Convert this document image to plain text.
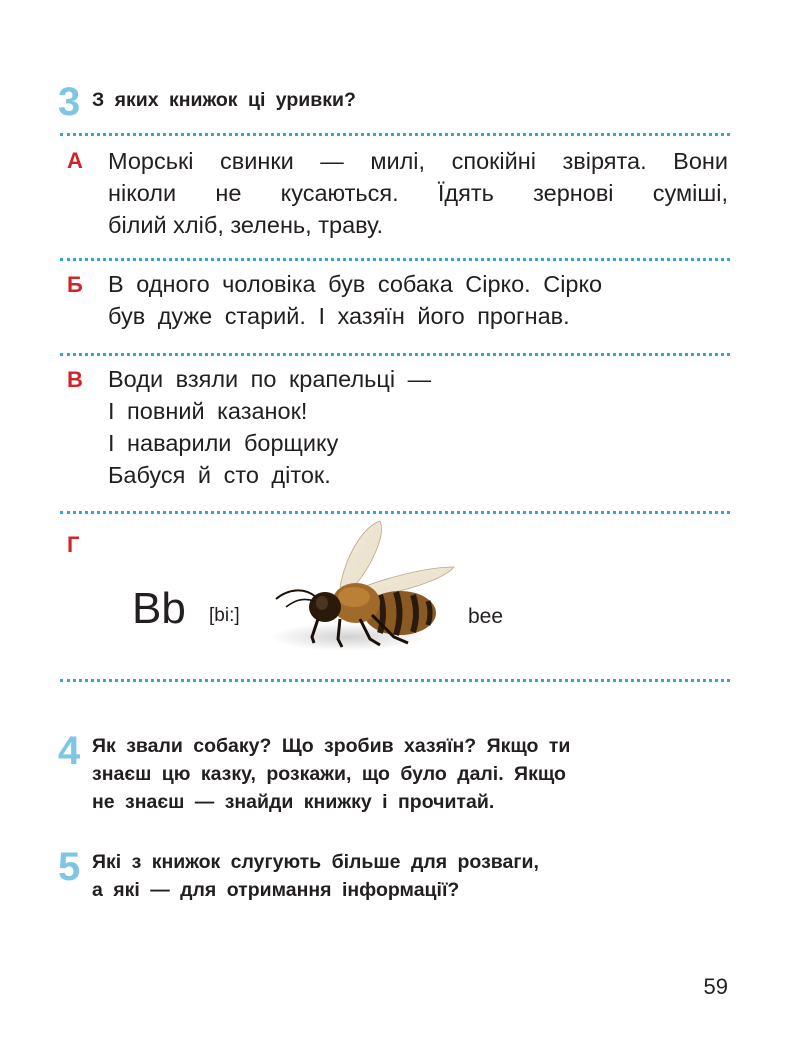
3 З яких книжок ці уривки?
А Морські свинки — милі, спокійні звірята. Вони
ніколи не кусаються. Їдять зернові суміші,
білий хліб, зелень, траву.
Б В одного чоловіка був собака Сірко. Сірко
був дуже старий. І хазяїн його прогнав.
В Води взяли по крапельці —
І повний казанок!
І наварили борщику
Бабуся й сто діток.
Г
Bb [bi:]	bee
4 Як звали собаку? Що зробив хазяїн? Якщо ти
знаєш цю казку, розкажи, що було далі. Якщо
не знаєш — знайди книжку і прочитай.
5 Які з книжок слугують більше для розваги,
а які — для отримання інформації?
59
